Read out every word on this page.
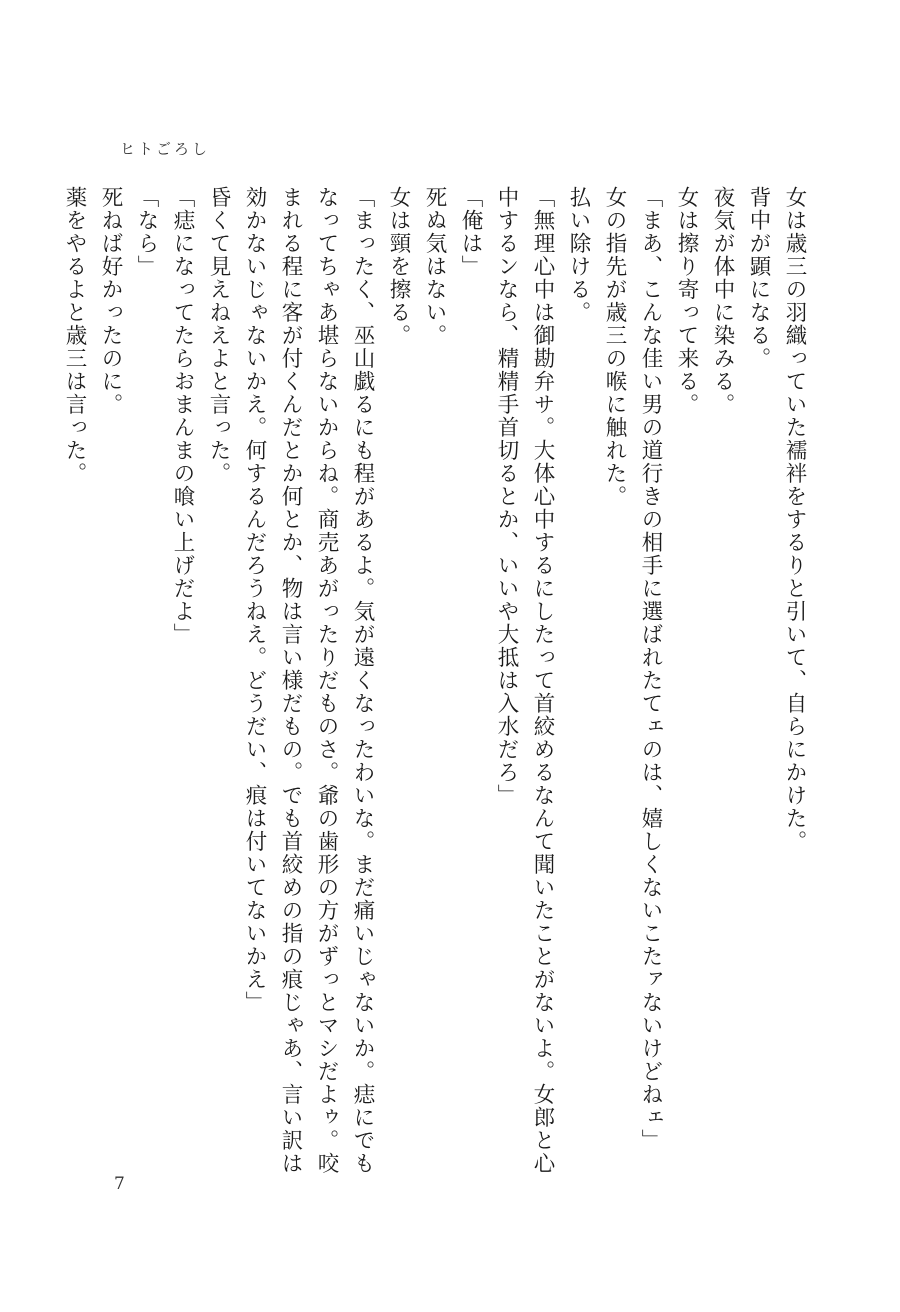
ヒトごろし
女は歳三の羽織っていた襦袢をするりと引いて、自らにかけた。
背中が顕になる。
夜気が体中に染みる。
女は擦り寄って来る。
「まあ、こんな佳い男の道行きの相手に選ばれたてェのは、嬉しくないこたァないけどねェ」
女の指先が歳三の喉に触れた。
払い除ける。
「無理心中は御勘弁サ。大体心中するにしたって首絞めるなんて聞いたことがないよ。女郎と心
中するンなら、精精手首切るとか、いいや大抵は入水だろ」
「俺は」
死ぬ気はない。
女は頸を擦る。
「まったく、巫山戯るにも程があるよ。気が遠くなったわいな。まだ痛いじゃないか。痣にでも
なってちゃあ堪らないからね。商売あがったりだものさ。爺の歯形の方がずっとマシだよゥ。咬
まれる程に客が付くんだとか何とか、物は言い様だもの。でも首絞めの指の痕じゃあ、言い訳は
効かないじゃないかえ。何するんだろうねえ。どうだい、痕は付いてないかえ」
昏くて見えねえよと言った。
「痣になってたらおまんまの喰い上げだよ」
「なら」
死ねば好かったのに。
薬をやるよと歳三は言った。
7
